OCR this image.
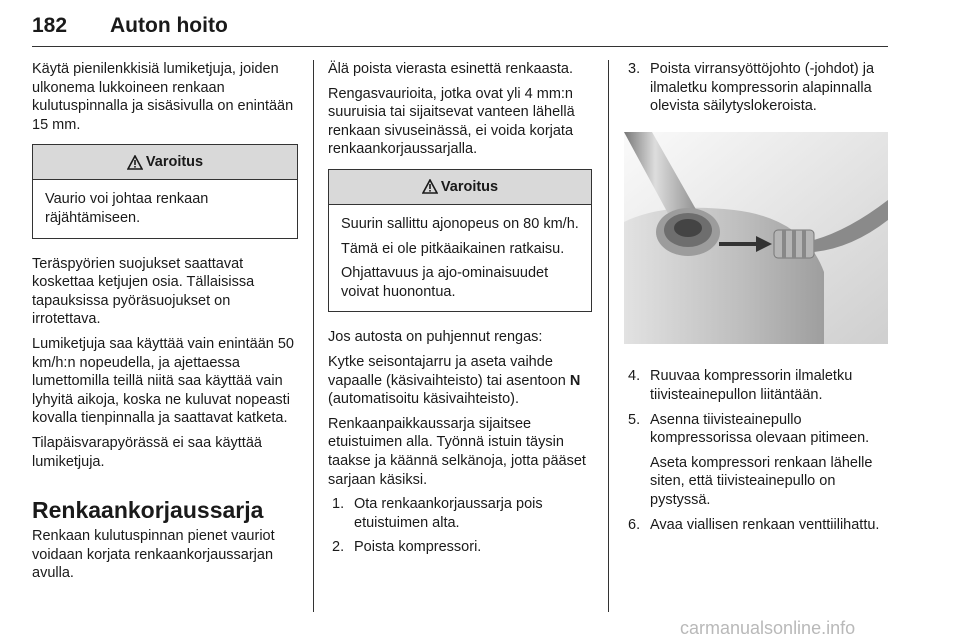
182 Auton hoito

Käytä pienilenkkisiä lumiketjuja, joiden ulkonema lukkoineen renkaan kulutuspinnalla ja sisäsivulla on enintään 15 mm.

Varoitus

Vaurio voi johtaa renkaan räjähtämiseen.

Teräspyörien suojukset saattavat koskettaa ketjujen osia. Tällaisissa tapauksissa pyöräsuojukset on irrotettava.

Lumiketjuja saa käyttää vain enintään 50 km/h:n nopeudella, ja ajettaessa lumettomilla teillä niitä saa käyttää vain lyhyitä aikoja, koska ne kuluvat nopeasti kovalla tienpinnalla ja saattavat katketa.

Tilapäisvarapyörässä ei saa käyttää lumiketjuja.

Renkaankorjaussarja

Renkaan kulutuspinnan pienet vauriot voidaan korjata renkaankorjaussarjan avulla.

Älä poista vierasta esinettä renkaasta.

Rengasvaurioita, jotka ovat yli 4 mm:n suuruisia tai sijaitsevat vanteen lähellä renkaan sivuseinässä, ei voida korjata renkaankorjaussarjalla.

Varoitus

Suurin sallittu ajonopeus on 80 km/h.

Tämä ei ole pitkäaikainen ratkaisu.

Ohjattavuus ja ajo-ominaisuudet voivat huonontua.

Jos autosta on puhjennut rengas:

Kytke seisontajarru ja aseta vaihde vapaalle (käsivaihteisto) tai asentoon N (automatisoitu käsivaihteisto).

Renkaanpaikkaussarja sijaitsee etuistuimen alla. Työnnä istuin täysin taakse ja käännä selkänoja, jotta pääset sarjaan käsiksi.

1. Ota renkaankorjaussarja pois etuistuimen alta.
2. Poista kompressori.
3. Poista virransyöttöjohto (-johdot) ja ilmaletku kompressorin alapinnalla olevista säilytyslokeroista.
4. Ruuvaa kompressorin ilmaletku tiivisteainepullon liitäntään.
5. Asenna tiivisteainepullo kompressorissa olevaan pitimeen.
Aseta kompressori renkaan lähelle siten, että tiivisteainepullo on pystyssä.
6. Avaa viallisen renkaan venttiilihattu.
carmanualsonline.info
